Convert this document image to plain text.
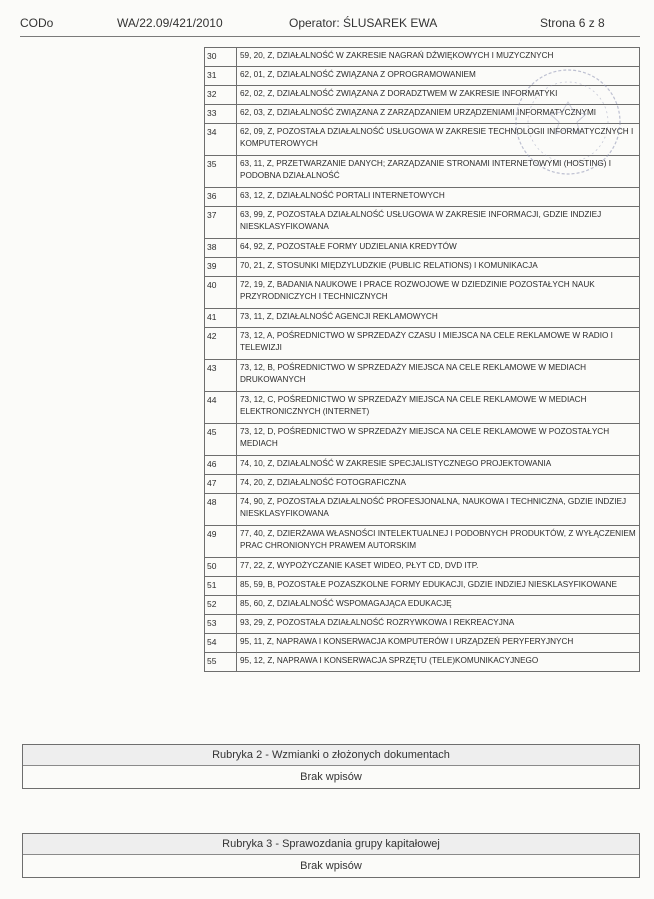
CODo	WA/22.09/421/2010	Operator: ŚLUSAREK EWA	Strona 6 z 8
30	59, 20, Z, DZIAŁALNOŚĆ W ZAKRESIE NAGRAŃ DŹWIĘKOWYCH I MUZYCZNYCH
31	62, 01, Z, DZIAŁALNOŚĆ ZWIĄZANA Z OPROGRAMOWANIEM
32	62, 02, Z, DZIAŁALNOŚĆ ZWIĄZANA Z DORADZTWEM W ZAKRESIE INFORMATYKI
33	62, 03, Z, DZIAŁALNOŚĆ ZWIĄZANA Z ZARZĄDZANIEM URZĄDZENIAMI INFORMATYCZNYMI
34	62, 09, Z, POZOSTAŁA DZIAŁALNOŚĆ USŁUGOWA W ZAKRESIE TECHNOLOGII INFORMATYCZNYCH I KOMPUTEROWYCH
35	63, 11, Z, PRZETWARZANIE DANYCH; ZARZĄDZANIE STRONAMI INTERNETOWYMI (HOSTING) I PODOBNA DZIAŁALNOŚĆ
36	63, 12, Z, DZIAŁALNOŚĆ PORTALI INTERNETOWYCH
37	63, 99, Z, POZOSTAŁA DZIAŁALNOŚĆ USŁUGOWA W ZAKRESIE INFORMACJI, GDZIE INDZIEJ NIESKLASYFIKOWANA
38	64, 92, Z, POZOSTAŁE FORMY UDZIELANIA KREDYTÓW
39	70, 21, Z, STOSUNKI MIĘDZYLUDZKIE (PUBLIC RELATIONS) I KOMUNIKACJA
40	72, 19, Z, BADANIA NAUKOWE I PRACE ROZWOJOWE W DZIEDZINIE POZOSTAŁYCH NAUK PRZYRODNICZYCH I TECHNICZNYCH
41	73, 11, Z, DZIAŁALNOŚĆ AGENCJI REKLAMOWYCH
42	73, 12, A, POŚREDNICTWO W SPRZEDAŻY CZASU I MIEJSCA NA CELE REKLAMOWE W RADIO I TELEWIZJI
43	73, 12, B, POŚREDNICTWO W SPRZEDAŻY MIEJSCA NA CELE REKLAMOWE W MEDIACH DRUKOWANYCH
44	73, 12, C, POŚREDNICTWO W SPRZEDAŻY MIEJSCA NA CELE REKLAMOWE W MEDIACH ELEKTRONICZNYCH (INTERNET)
45	73, 12, D, POŚREDNICTWO W SPRZEDAŻY MIEJSCA NA CELE REKLAMOWE W POZOSTAŁYCH MEDIACH
46	74, 10, Z, DZIAŁALNOŚĆ W ZAKRESIE SPECJALISTYCZNEGO PROJEKTOWANIA
47	74, 20, Z, DZIAŁALNOŚĆ FOTOGRAFICZNA
48	74, 90, Z, POZOSTAŁA DZIAŁALNOŚĆ PROFESJONALNA, NAUKOWA I TECHNICZNA, GDZIE INDZIEJ NIESKLASYFIKOWANA
49	77, 40, Z, DZIERŻAWA WŁASNOŚCI INTELEKTUALNEJ I PODOBNYCH PRODUKTÓW, Z WYŁĄCZENIEM PRAC CHRONIONYCH PRAWEM AUTORSKIM
50	77, 22, Z, WYPOŻYCZANIE KASET WIDEO, PŁYT CD, DVD ITP.
51	85, 59, B, POZOSTAŁE POZASZKOLNE FORMY EDUKACJI, GDZIE INDZIEJ NIESKLASYFIKOWANE
52	85, 60, Z, DZIAŁALNOŚĆ WSPOMAGAJĄCA EDUKACJĘ
53	93, 29, Z, POZOSTAŁA DZIAŁALNOŚĆ ROZRYWKOWA I REKREACYJNA
54	95, 11, Z, NAPRAWA I KONSERWACJA KOMPUTERÓW I URZĄDZEŃ PERYFERYJNYCH
55	95, 12, Z, NAPRAWA I KONSERWACJA SPRZĘTU (TELE)KOMUNIKACYJNEGO
Rubryka 2 - Wzmianki o złożonych dokumentach
Brak wpisów
Rubryka 3 - Sprawozdania grupy kapitałowej
Brak wpisów
